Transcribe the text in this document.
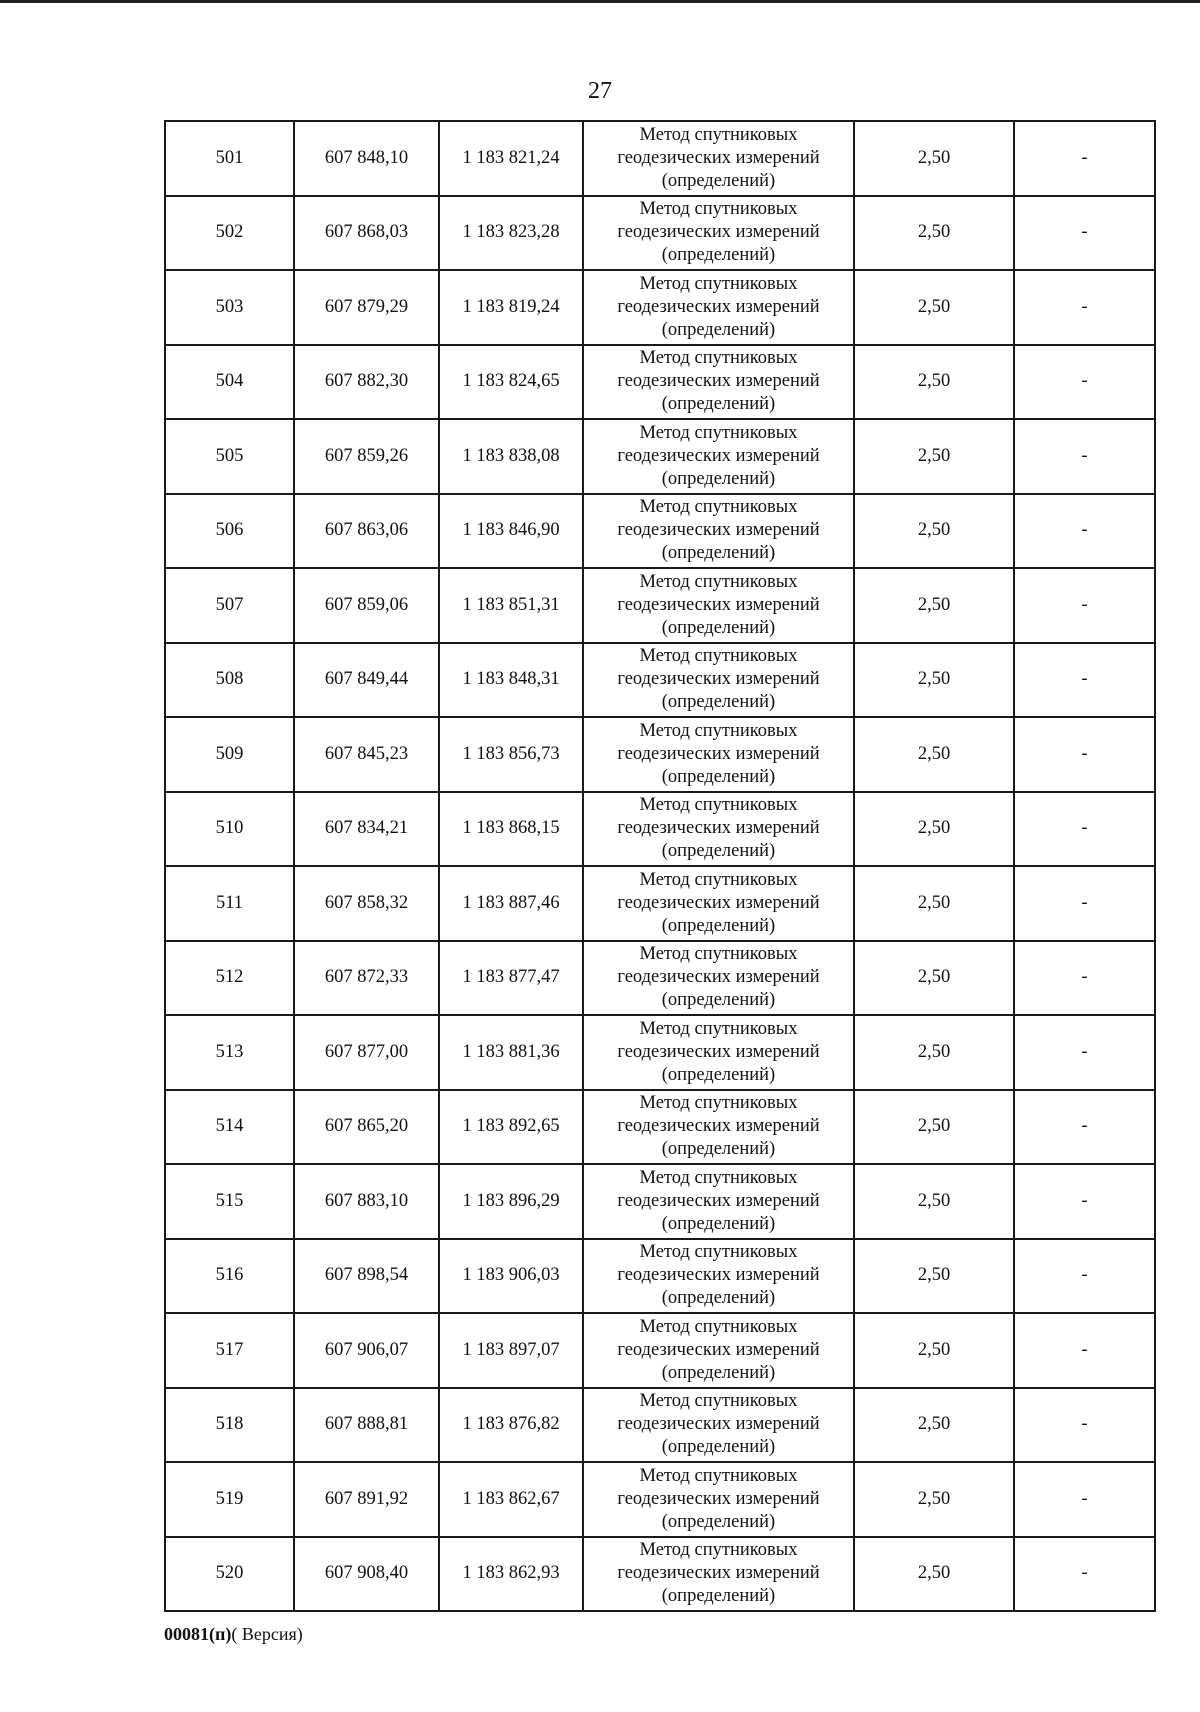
27
501	607 848,10	1 183 821,24	Метод спутниковых
геодезических измерений
(определений)	2,50	-
502	607 868,03	1 183 823,28	Метод спутниковых
геодезических измерений
(определений)	2,50	-
503	607 879,29	1 183 819,24	Метод спутниковых
геодезических измерений
(определений)	2,50	-
504	607 882,30	1 183 824,65	Метод спутниковых
геодезических измерений
(определений)	2,50	-
505	607 859,26	1 183 838,08	Метод спутниковых
геодезических измерений
(определений)	2,50	-
506	607 863,06	1 183 846,90	Метод спутниковых
геодезических измерений
(определений)	2,50	-
507	607 859,06	1 183 851,31	Метод спутниковых
геодезических измерений
(определений)	2,50	-
508	607 849,44	1 183 848,31	Метод спутниковых
геодезических измерений
(определений)	2,50	-
509	607 845,23	1 183 856,73	Метод спутниковых
геодезических измерений
(определений)	2,50	-
510	607 834,21	1 183 868,15	Метод спутниковых
геодезических измерений
(определений)	2,50	-
511	607 858,32	1 183 887,46	Метод спутниковых
геодезических измерений
(определений)	2,50	-
512	607 872,33	1 183 877,47	Метод спутниковых
геодезических измерений
(определений)	2,50	-
513	607 877,00	1 183 881,36	Метод спутниковых
геодезических измерений
(определений)	2,50	-
514	607 865,20	1 183 892,65	Метод спутниковых
геодезических измерений
(определений)	2,50	-
515	607 883,10	1 183 896,29	Метод спутниковых
геодезических измерений
(определений)	2,50	-
516	607 898,54	1 183 906,03	Метод спутниковых
геодезических измерений
(определений)	2,50	-
517	607 906,07	1 183 897,07	Метод спутниковых
геодезических измерений
(определений)	2,50	-
518	607 888,81	1 183 876,82	Метод спутниковых
геодезических измерений
(определений)	2,50	-
519	607 891,92	1 183 862,67	Метод спутниковых
геодезических измерений
(определений)	2,50	-
520	607 908,40	1 183 862,93	Метод спутниковых
геодезических измерений
(определений)	2,50	-
00081(п)( Версия)
